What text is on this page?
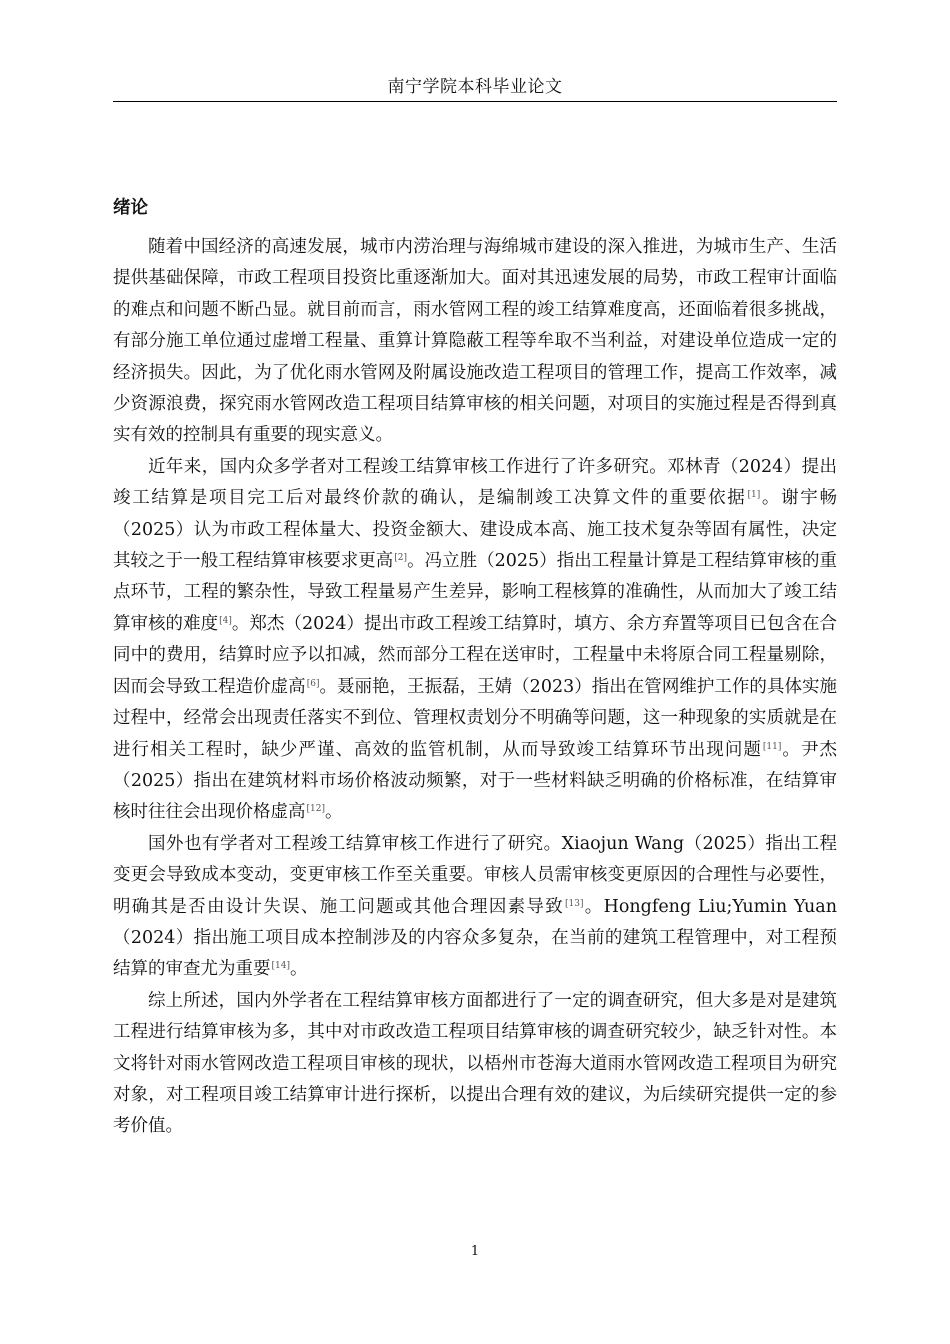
南宁学院本科毕业论文
绪论

随着中国经济的高速发展，城市内涝治理与海绵城市建设的深入推进，为城市生产、生活提供基础保障，市政工程项目投资比重逐渐加大。面对其迅速发展的局势，市政工程审计面临的难点和问题不断凸显。就目前而言，雨水管网工程的竣工结算难度高，还面临着很多挑战，有部分施工单位通过虚增工程量、重算计算隐蔽工程等牟取不当利益，对建设单位造成一定的经济损失。因此，为了优化雨水管网及附属设施改造工程项目的管理工作，提高工作效率，减少资源浪费，探究雨水管网改造工程项目结算审核的相关问题，对项目的实施过程是否得到真实有效的控制具有重要的现实意义。

近年来，国内众多学者对工程竣工结算审核工作进行了许多研究。邓林青（2024）提出竣工结算是项目完工后对最终价款的确认，是编制竣工决算文件的重要依据[1]。谢宇畅（2025）认为市政工程体量大、投资金额大、建设成本高、施工技术复杂等固有属性，决定其较之于一般工程结算审核要求更高[2]。冯立胜（2025）指出工程量计算是工程结算审核的重点环节，工程的繁杂性，导致工程量易产生差异，影响工程核算的准确性，从而加大了竣工结算审核的难度[4]。郑杰（2024）提出市政工程竣工结算时，填方、余方弃置等项目已包含在合同中的费用，结算时应予以扣减，然而部分工程在送审时，工程量中未将原合同工程量剔除，因而会导致工程造价虚高[6]。聂丽艳，王振磊，王婧（2023）指出在管网维护工作的具体实施过程中，经常会出现责任落实不到位、管理权责划分不明确等问题，这一种现象的实质就是在进行相关工程时，缺少严谨、高效的监管机制，从而导致竣工结算环节出现问题[11]。尹杰（2025）指出在建筑材料市场价格波动频繁，对于一些材料缺乏明确的价格标准，在结算审核时往往会出现价格虚高[12]。

国外也有学者对工程竣工结算审核工作进行了研究。Xiaojun Wang（2025）指出工程变更会导致成本变动，变更审核工作至关重要。审核人员需审核变更原因的合理性与必要性，明确其是否由设计失误、施工问题或其他合理因素导致[13]。Hongfeng Liu;Yumin Yuan（2024）指出施工项目成本控制涉及的内容众多复杂，在当前的建筑工程管理中，对工程预结算的审查尤为重要[14]。

综上所述，国内外学者在工程结算审核方面都进行了一定的调查研究，但大多是对是建筑工程进行结算审核为多，其中对市政改造工程项目结算审核的调查研究较少，缺乏针对性。本文将针对雨水管网改造工程项目审核的现状，以梧州市苍海大道雨水管网改造工程项目为研究对象，对工程项目竣工结算审计进行探析，以提出合理有效的建议，为后续研究提供一定的参考价值。

1
